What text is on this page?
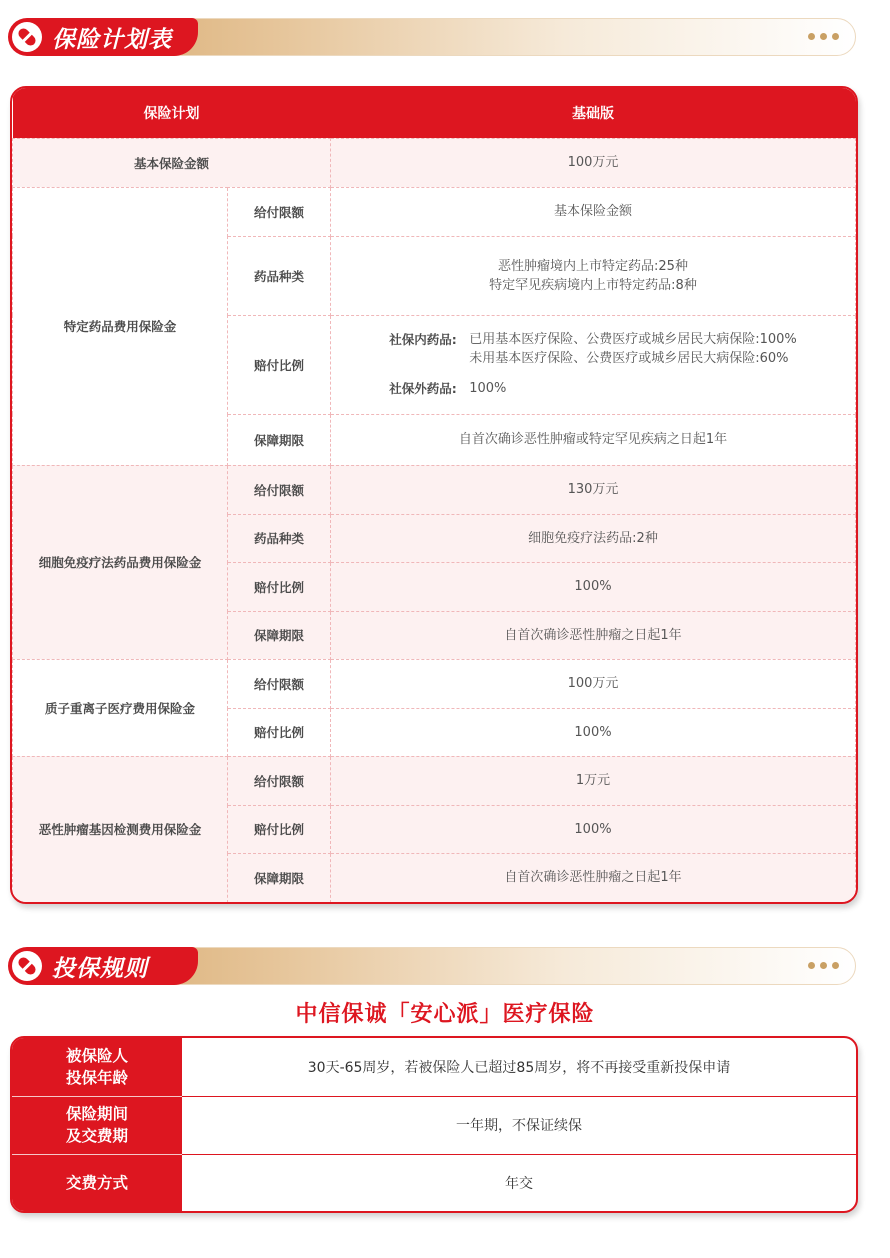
保险计划表
保险计划		基础版
基本保险金额		100万元
特定药品费用保险金	给付限额	基本保险金额

	药品种类	恶性肿瘤境内上市特定药品:25种
特定罕见疾病境内上市特定药品:8种

	赔付比例	社保内药品: 已用基本医疗保险、公费医疗或城乡居民大病保险:100%
未用基本医疗保险、公费医疗或城乡居民大病保险:60%
社保外药品: 100%

	保障期限	自首次确诊恶性肿瘤或特定罕见疾病之日起1年

细胞免疫疗法药品费用保险金	给付限额	130万元

	药品种类	细胞免疫疗法药品:2种

	赔付比例	100%

	保障期限	自首次确诊恶性肿瘤之日起1年

质子重离子医疗费用保险金	给付限额	100万元

	赔付比例	100%

恶性肿瘤基因检测费用保险金	给付限额	1万元

	赔付比例	100%

	保障期限	自首次确诊恶性肿瘤之日起1年
投保规则
中信保诚「安心派」医疗保险
被保险人
投保年龄	30天-65周岁，若被保险人已超过85周岁，将不再接受重新投保申请

保险期间
及交费期	一年期，不保证续保

交费方式	年交
